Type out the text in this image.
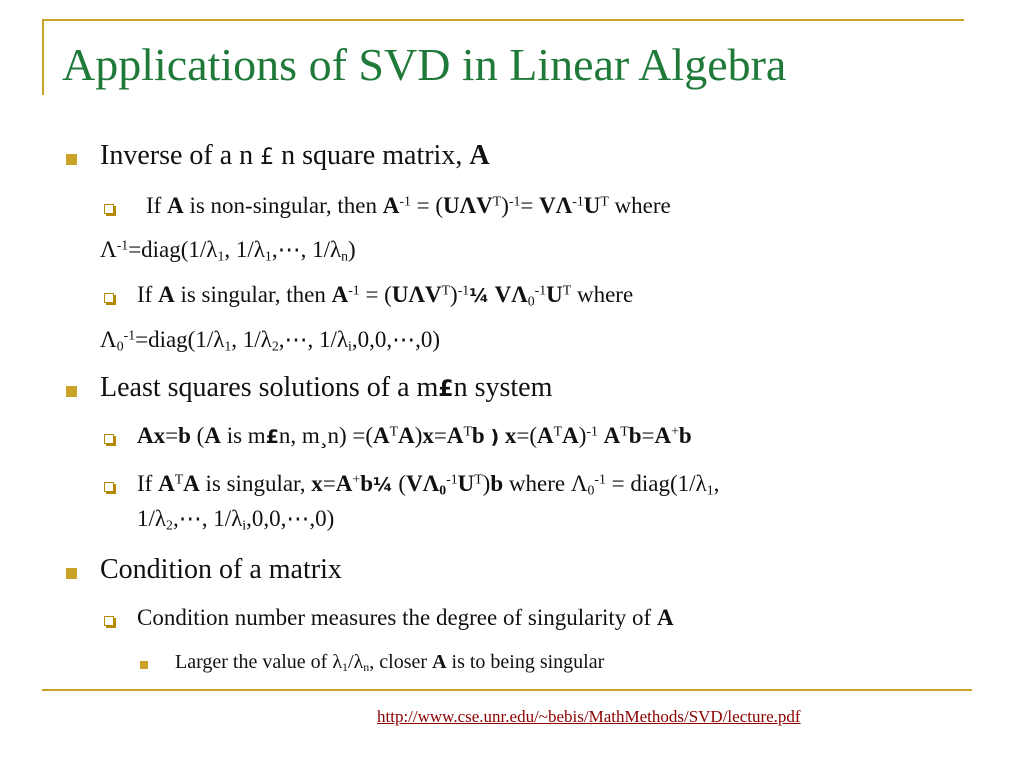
Applications of SVD in Linear Algebra
Inverse of a n £ n square matrix, A
If A is non-singular, then $A^{-1} = (U\Lambda V^T)^{-1}= V\Lambda^{-1}U^T$ where
$\Lambda^{-1}=diag(1/\lambda_1$, $1/\lambda_1,\cdots$, $1/\lambda_n$)
If A is singular, then $A^{-1}$ = $(U\Lambda V^T)^{-1}\frac{1}{4}$ $V\Lambda_0^{-1}U^T$ where
$\Lambda_0^{-1}=diag(1/\lambda_1$, $1/\lambda_2,\cdots$, $1/\lambda_i,0,0,\cdots,0$)
Least squares solutions of a m£n system
Ax=b (A is m£n, m¸n) $=(A^TA)x=A^Tb$ ) $x=(A^TA)^{-1}$ $A^Tb=A^+b$
If $A^TA$ is singular, x=A+b¼ $(V\Lambda_0^{-1}U^T)b$ where $\Lambda_0^{-1}$ = $diag(1/\lambda_1$,
$1/\lambda_2,\cdots$, $1/\lambda_i,0,0,\cdots,0$)
Condition of a matrix
Condition number measures the degree of singularity of A
Larger the value of $\lambda_1/\lambda_n$, closer A is to being singular
http://www.cse.unr.edu/~bebis/MathMethods/SVD/lecture.pdf
